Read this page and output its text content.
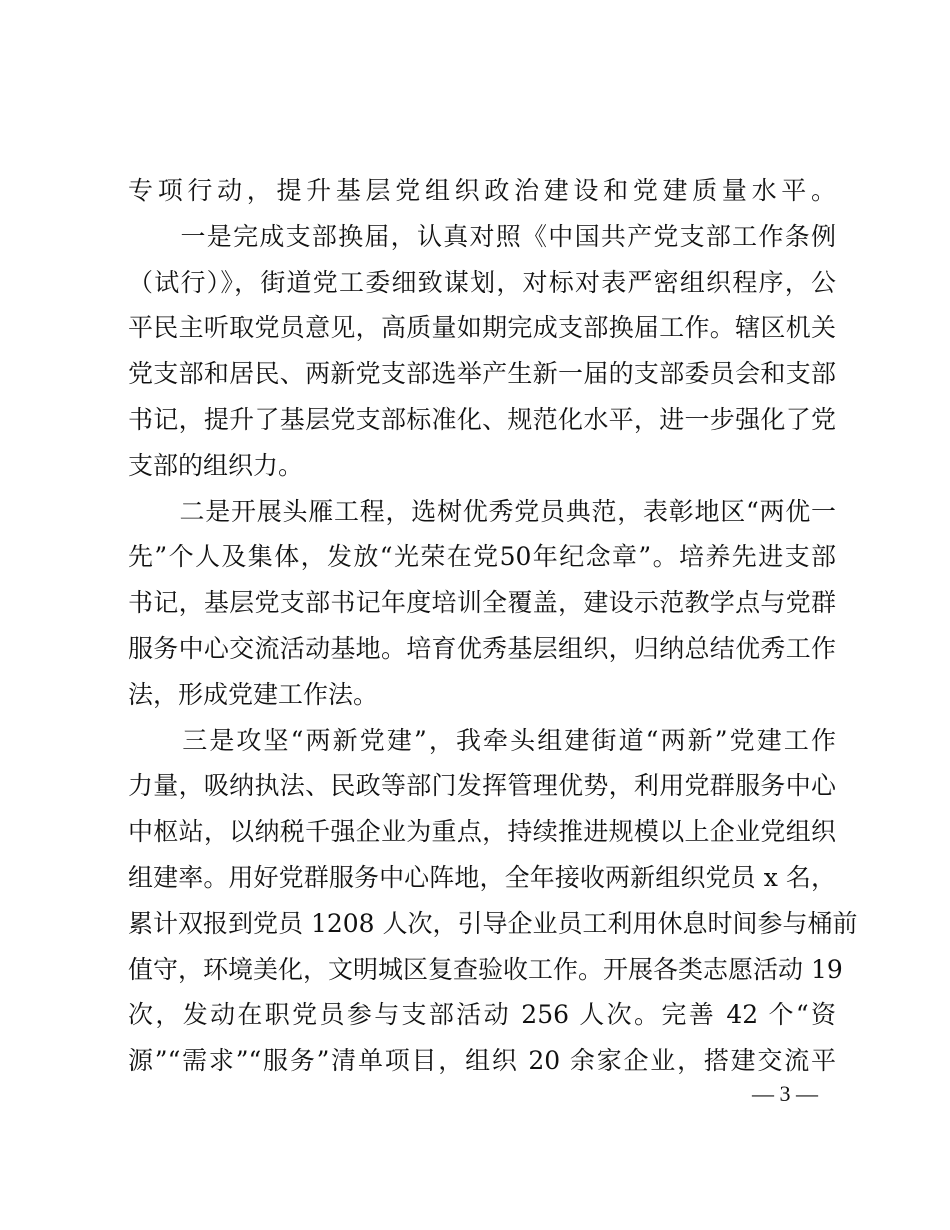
专项行动，提升基层党组织政治建设和党建质量水平。
　　一是完成支部换届，认真对照《中国共产党支部工作条例
（试行）》，街道党工委细致谋划，对标对表严密组织程序，公
平民主听取党员意见，高质量如期完成支部换届工作。辖区机关
党支部和居民、两新党支部选举产生新一届的支部委员会和支部
书记，提升了基层党支部标准化、规范化水平，进一步强化了党
支部的组织力。
　　二是开展头雁工程，选树优秀党员典范，表彰地区“两优一
先”个人及集体，发放“光荣在党50年纪念章”。培养先进支部
书记，基层党支部书记年度培训全覆盖，建设示范教学点与党群
服务中心交流活动基地。培育优秀基层组织，归纳总结优秀工作
法，形成党建工作法。
　　三是攻坚“两新党建”，我牵头组建街道“两新”党建工作
力量，吸纳执法、民政等部门发挥管理优势，利用党群服务中心
中枢站，以纳税千强企业为重点，持续推进规模以上企业党组织
组建率。用好党群服务中心阵地，全年接收两新组织党员 x 名，
累计双报到党员 1208 人次，引导企业员工利用休息时间参与桶前
值守，环境美化，文明城区复查验收工作。开展各类志愿活动 19
次，发动在职党员参与支部活动 256 人次。完善 42 个“资
源”“需求”“服务”清单项目，组织 20 余家企业，搭建交流平
— 3 —
